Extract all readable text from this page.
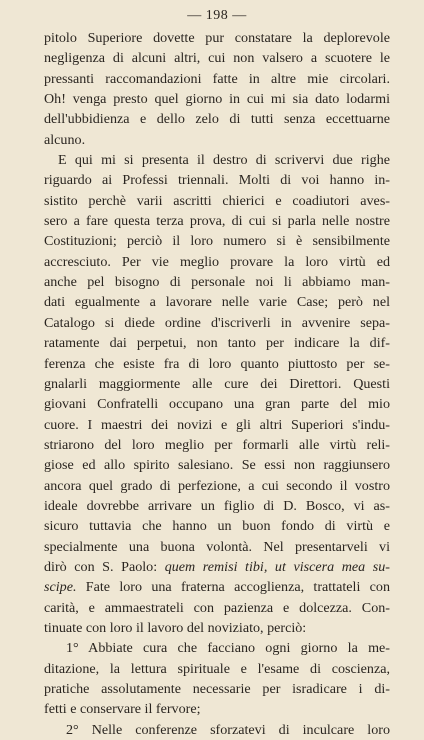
— 198 —
pitolo Superiore dovette pur constatare la deplorevole
negligenza di alcuni altri, cui non valsero a scuotere le
pressanti raccomandazioni fatte in altre mie circolari.
Oh! venga presto quel giorno in cui mi sia dato lodarmi
dell'ubbidienza e dello zelo di tutti senza eccettuarne
alcuno.
E qui mi si presenta il destro di scrivervi due righe
riguardo ai Professi triennali. Molti di voi hanno in-
sistito perchè varii ascritti chierici e coadiutori aves-
sero a fare questa terza prova, di cui si parla nelle nostre
Costituzioni; perciò il loro numero si è sensibilmente
accresciuto. Per vie meglio provare la loro virtù ed
anche pel bisogno di personale noi li abbiamo man-
dati egualmente a lavorare nelle varie Case; però nel
Catalogo si diede ordine d'iscriverli in avvenire sepa-
ratamente dai perpetui, non tanto per indicare la dif-
ferenza che esiste fra di loro quanto piuttosto per se-
gnalarli maggiormente alle cure dei Direttori. Questi
giovani Confratelli occupano una gran parte del mio
cuore. I maestri dei novizi e gli altri Superiori s'indu-
striarono del loro meglio per formarli alle virtù reli-
giose ed allo spirito salesiano. Se essi non raggiunsero
ancora quel grado di perfezione, a cui secondo il vostro
ideale dovrebbe arrivare un figlio di D. Bosco, vi as-
sicuro tuttavia che hanno un buon fondo di virtù e
specialmente una buona volontà. Nel presentarveli vi
dirò con S. Paolo: quem remisi tibi, ut viscera mea su-
scipe. Fate loro una fraterna accoglienza, trattateli con
carità, e ammaestrateli con pazienza e dolcezza. Con-
tinuate con loro il lavoro del noviziato, perciò:
1° Abbiate cura che facciano ogni giorno la me-
ditazione, la lettura spirituale e l'esame di coscienza,
pratiche assolutamente necessarie per isradicare i di-
fetti e conservare il fervore;
2° Nelle conferenze sforzatevi di inculcare loro
